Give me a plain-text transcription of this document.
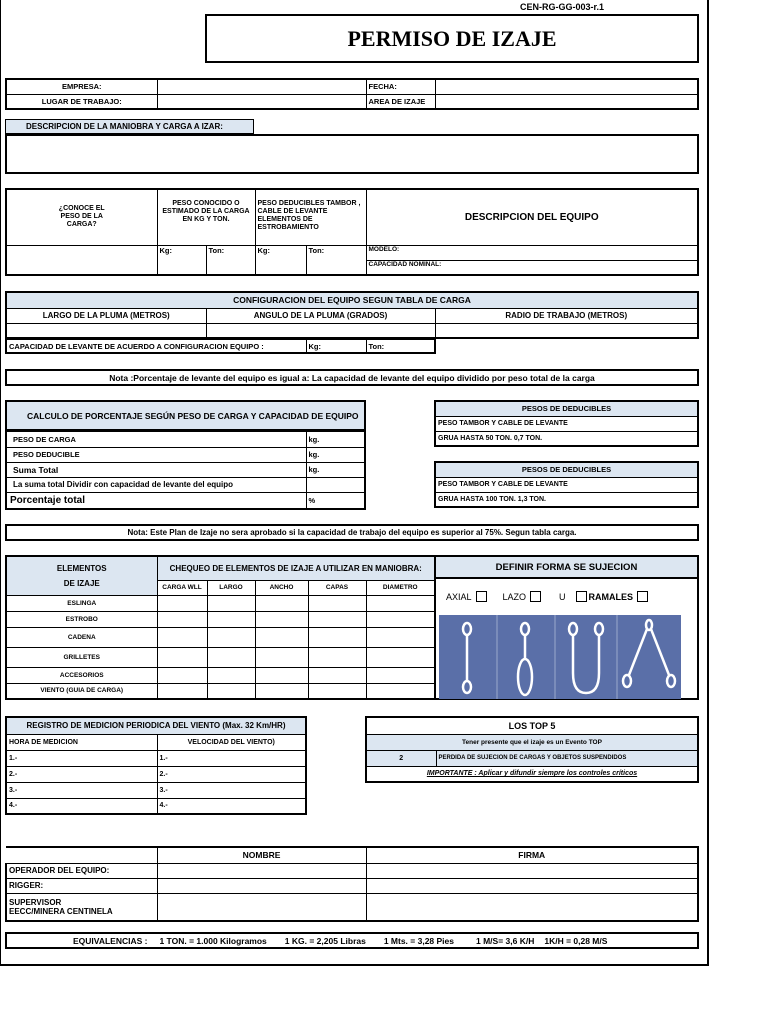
CEN-RG-GG-003-r.1
PERMISO DE IZAJE
EMPRESA:		FECHA:	
LUGAR DE TRABAJO:		AREA DE IZAJE	
DESCRIPCION DE LA MANIOBRA Y CARGA A IZAR:
¿CONOCE EL PESO DE LA CARGA?	PESO CONOCIDO O ESTIMADO DE LA CARGA EN KG Y TON.		PESO DEDUCIBLES TAMBOR , CABLE DE LEVANTE ELEMENTOS DE ESTROBAMIENTO		DESCRIPCION DEL EQUIPO
	Kg:	Ton:	Kg:	Ton:	MODELO:
					CAPACIDAD NOMINAL:
CONFIGURACION DEL EQUIPO SEGUN TABLA DE CARGA		
LARGO DE LA PLUMA (METROS)	ANGULO DE LA PLUMA (GRADOS)	RADIO DE TRABAJO (METROS)

CAPACIDAD DE LEVANTE DE ACUERDO A CONFIGURACION EQUIPO :	Kg:	Ton:
Nota :Porcentaje de levante del equipo es igual a: La capacidad de levante del equipo dividido por peso total de la carga
CALCULO DE PORCENTAJE SEGÚN PESO DE CARGA Y CAPACIDAD DE EQUIPO
PESO DE CARGA	kg.
PESO DEDUCIBLE	kg.
Suma Total	kg.
La suma total Dividir con capacidad de levante del equipo	
Porcentaje total	%
PESOS DE DEDUCIBLES
PESO TAMBOR Y CABLE DE LEVANTE
GRUA HASTA 50 TON. 0,7 TON.
PESOS DE DEDUCIBLES
PESO TAMBOR Y CABLE DE LEVANTE
GRUA HASTA 100 TON. 1,3 TON.
Nota: Este Plan de Izaje no sera aprobado si la capacidad de trabajo del equipo es superior al 75%. Segun tabla carga.
ELEMENTOS
DE IZAJE	CHEQUEO DE ELEMENTOS DE IZAJE A UTILIZAR EN MANIOBRA:				
	CARGA WLL	LARGO	ANCHO	CAPAS	DIAMETRO
ESLINGA					
ESTROBO					
CADENA					
GRILLETES					
ACCESORIOS					
VIENTO (GUIA DE CARGA)					
DEFINIR FORMA SE SUJECION
AXIAL	LAZO	U	RAMALES
REGISTRO DE MEDICION PERIODICA DEL VIENTO (Max. 32 Km/HR)	
HORA DE MEDICION	VELOCIDAD DEL VIENTO)
1.-	1.-
2.-	2.-
3.-	3.-
4.-	4.-
LOS TOP 5
Tener presente que el izaje es un Evento TOP
2	PERDIDA DE SUJECION DE CARGAS Y OBJETOS SUSPENDIDOS
IMPORTANTE : Aplicar y difundir siempre los controles críticos
	NOMBRE	FIRMA
OPERADOR DEL EQUIPO:		
RIGGER:		

SUPERVISOR
EECC/MINERA CENTINELA		

EQUIVALENCIAS : 1 TON. = 1.000 Kilogramos 1 KG. = 2,205 Libras 1 Mts. = 3,28 Pies	1 M/S= 3,6 K/H 1K/H = 0,28 M/S
